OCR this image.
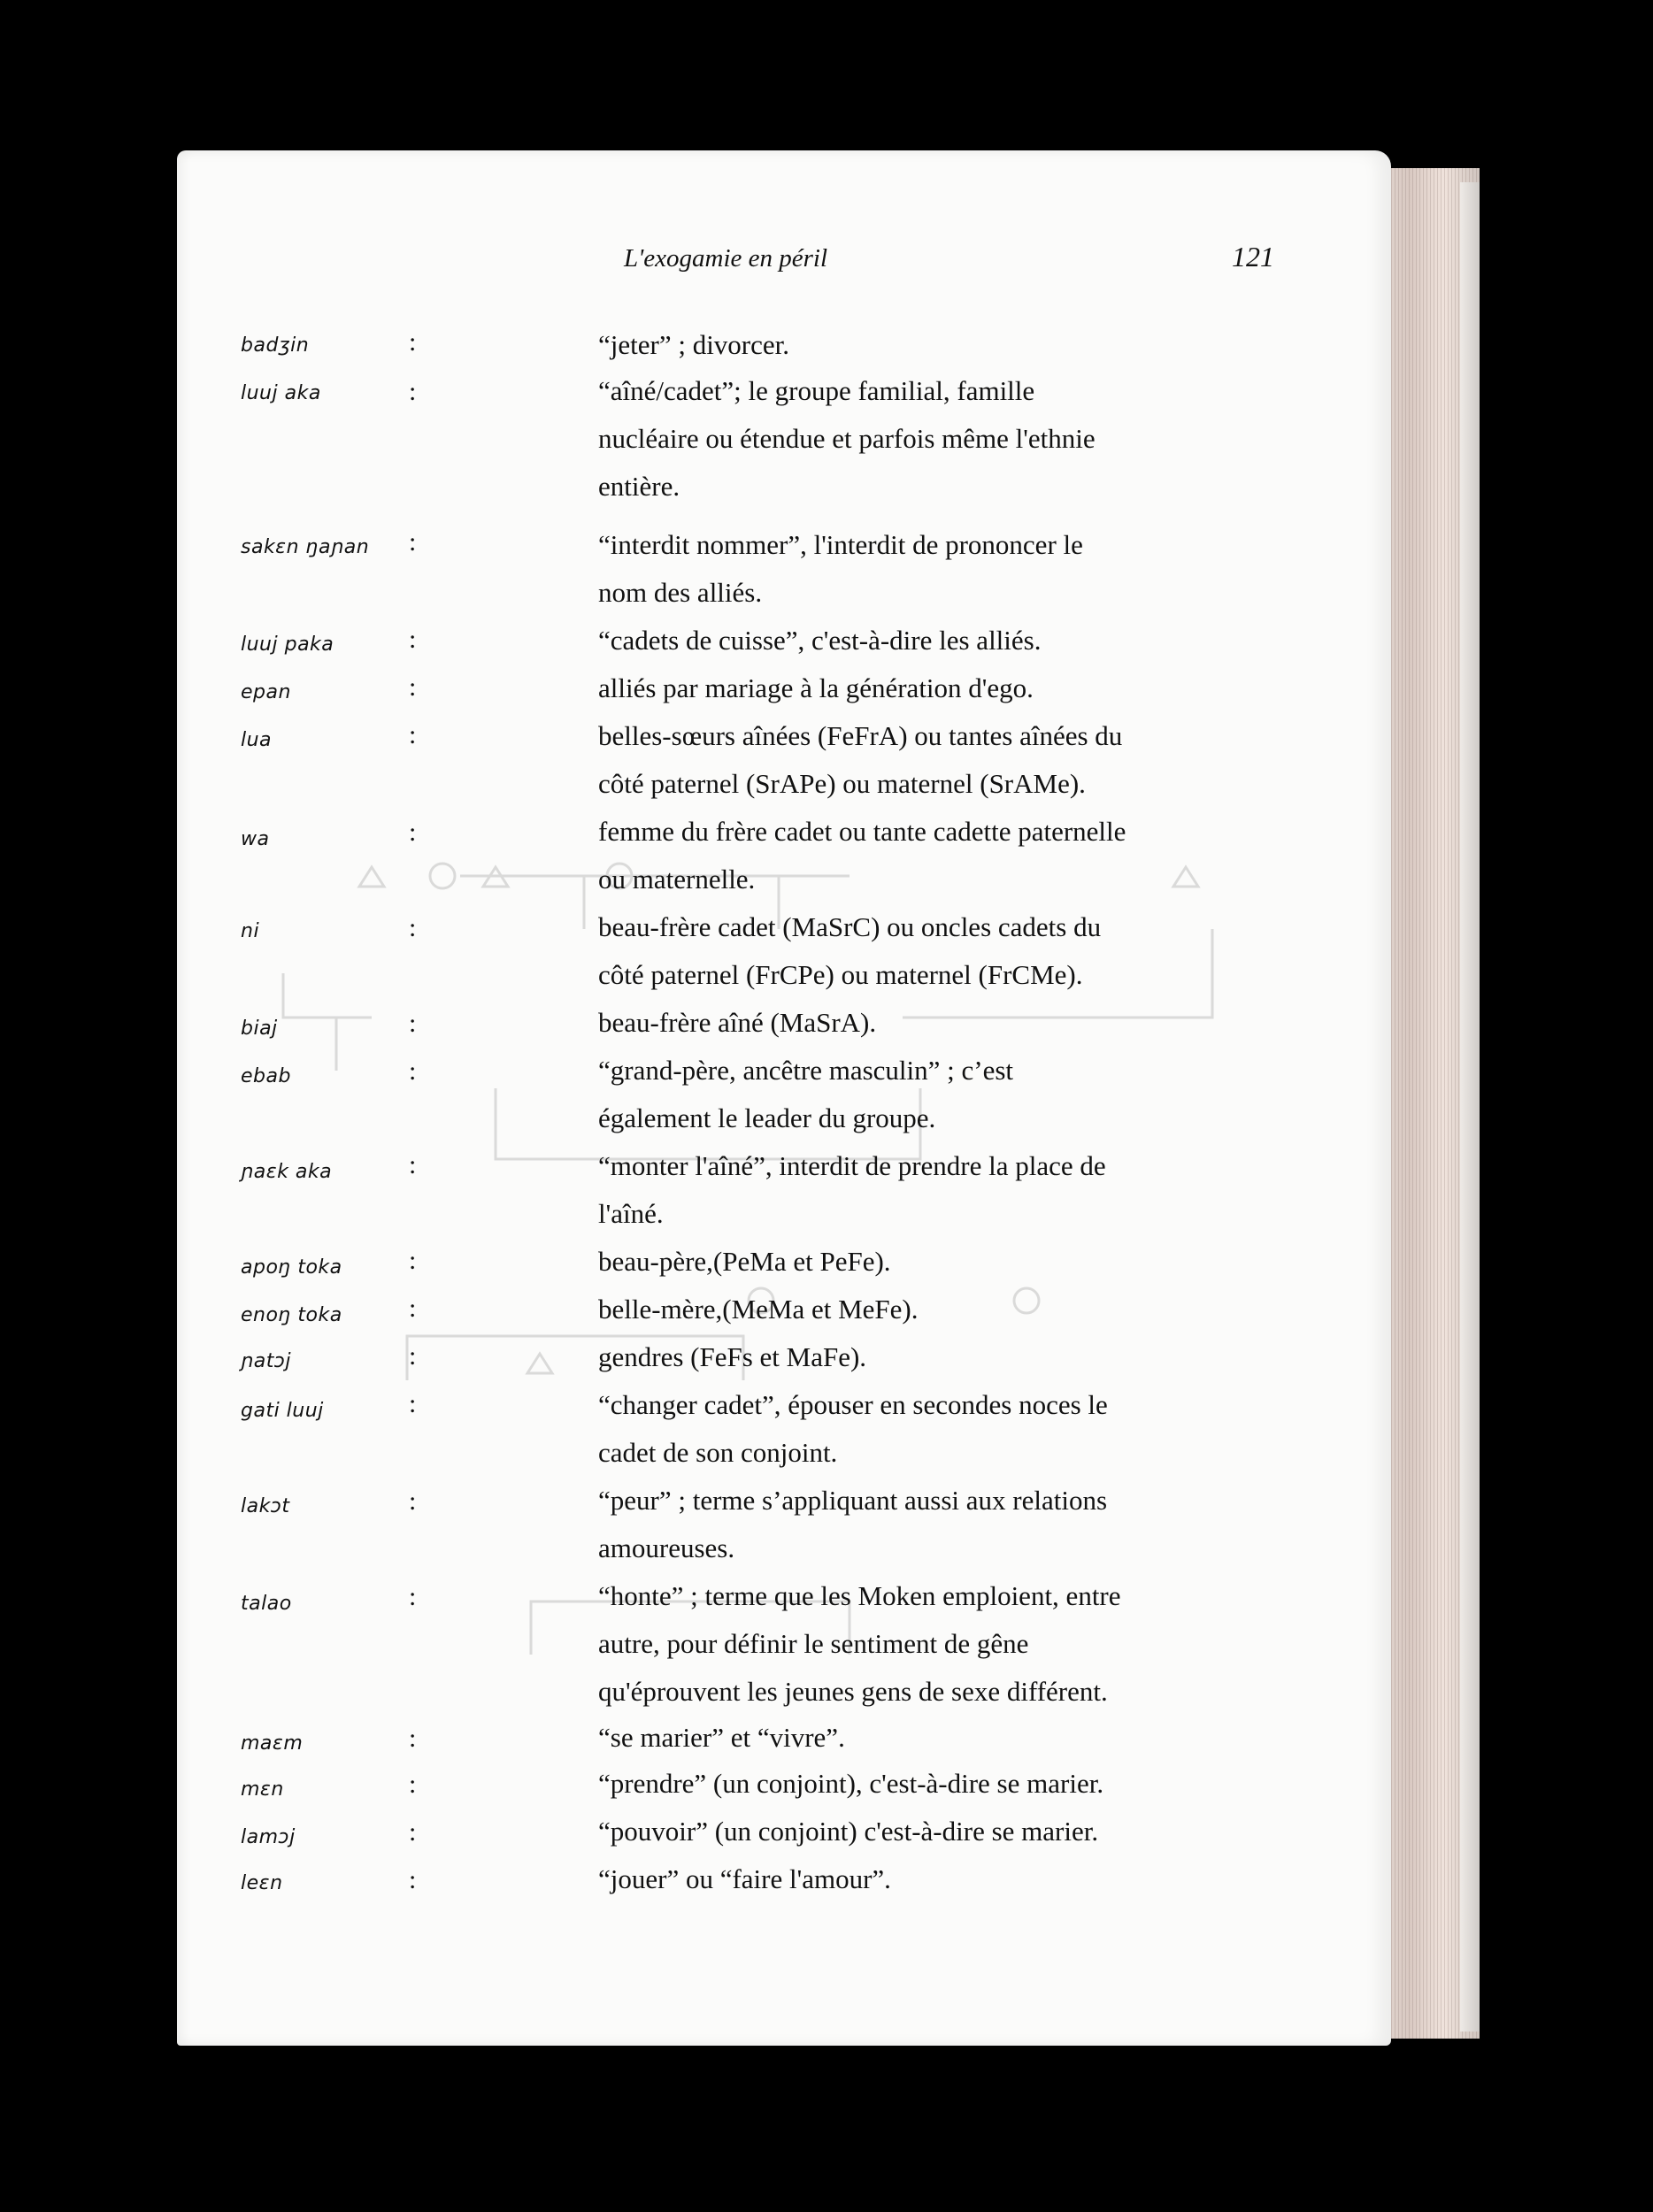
L'exogamie en péril	121
badʒin	:	“jeter” ; divorcer.
luuj aka	:	“aîné/cadet”; le groupe familial, famille
nucléaire ou étendue et parfois même l'ethnie
entière.
sakɛn ŋaɲan :	“interdit nommer”, l'interdit de prononcer le
nom des alliés.
luuj paka	:	“cadets de cuisse”, c'est-à-dire les alliés.
epan	:	alliés par mariage à la génération d'ego.
lua	:	belles-sœurs aînées (FeFrA) ou tantes aînées du
côté paternel (SrAPe) ou maternel (SrAMe).
wa	:	femme du frère cadet ou tante cadette paternelle
ou maternelle.
ni	:	beau-frère cadet (MaSrC) ou oncles cadets du
côté paternel (FrCPe) ou maternel (FrCMe).
biaj	:	beau-frère aîné (MaSrA).
ebab	:	“grand-père, ancêtre masculin” ; c’est
également le leader du groupe.
ɲaɛk aka	:	“monter l'aîné”, interdit de prendre la place de
l'aîné.
apoŋ toka	:	beau-père,(PeMa et PeFe).
enoŋ toka	:	belle-mère,(MeMa et MeFe).
ɲatɔj	:	gendres (FeFs et MaFe).
gati luuj	:	“changer cadet”, épouser en secondes noces le
cadet de son conjoint.
lakɔt	:	“peur” ; terme s’appliquant aussi aux relations
amoureuses.
talao	:	“honte” ; terme que les Moken emploient, entre
autre, pour définir le sentiment de gêne
qu'éprouvent les jeunes gens de sexe différent.
maɛm	:	“se marier” et “vivre”.
mɛn	:	“prendre” (un conjoint), c'est-à-dire se marier.
lamɔj	:	“pouvoir” (un conjoint) c'est-à-dire se marier.
leɛn	:	“jouer” ou “faire l'amour”.
